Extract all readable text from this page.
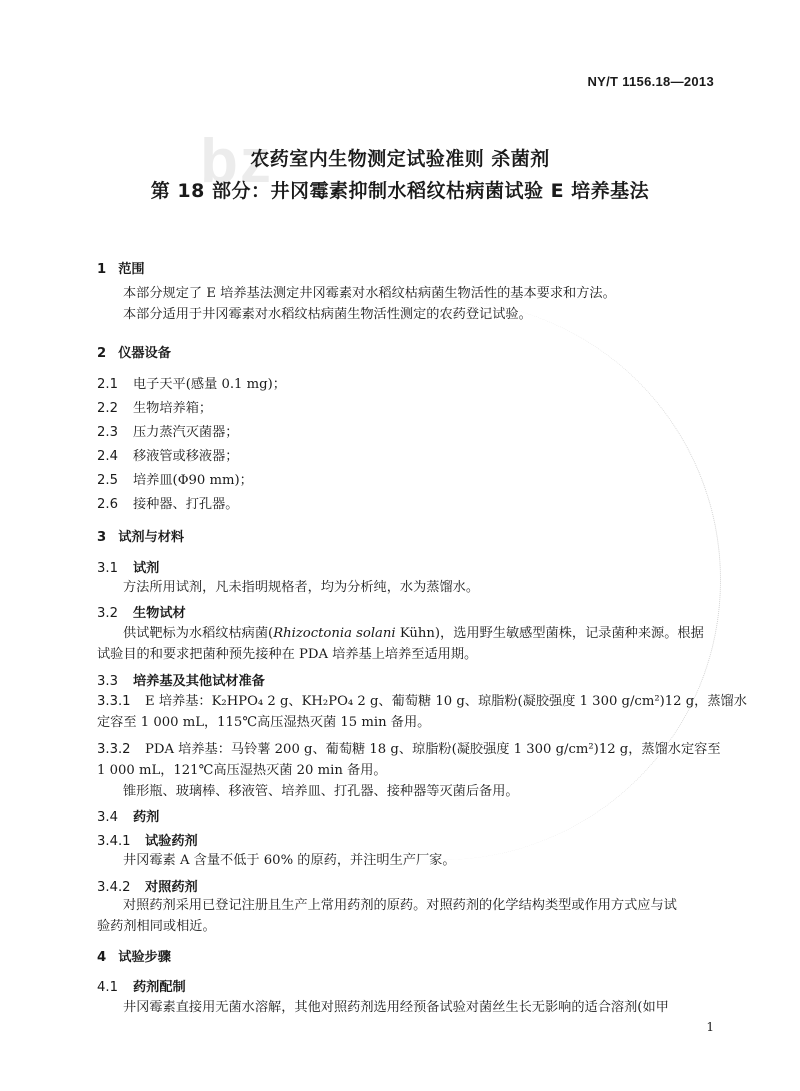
bz
NY/T 1156.18—2013
农药室内生物测定试验准则 杀菌剂
第 18 部分：井冈霉素抑制水稻纹枯病菌试验 E 培养基法
1 范围
本部分规定了 E 培养基法测定井冈霉素对水稻纹枯病菌生物活性的基本要求和方法。
本部分适用于井冈霉素对水稻纹枯病菌生物活性测定的农药登记试验。
2 仪器设备
2.1 电子天平(感量 0.1 mg)；
2.2 生物培养箱；
2.3 压力蒸汽灭菌器；
2.4 移液管或移液器；
2.5 培养皿(Φ90 mm)；
2.6 接种器、打孔器。
3 试剂与材料
3.1 试剂
方法所用试剂，凡未指明规格者，均为分析纯，水为蒸馏水。
3.2 生物试材
供试靶标为水稻纹枯病菌(Rhizoctonia solani Kühn)，选用野生敏感型菌株，记录菌种来源。根据
试验目的和要求把菌种预先接种在 PDA 培养基上培养至适用期。
3.3 培养基及其他试材准备
3.3.1 E 培养基：K₂HPO₄ 2 g、KH₂PO₄ 2 g、葡萄糖 10 g、琼脂粉(凝胶强度 1 300 g/cm²)12 g，蒸馏水
定容至 1 000 mL，115℃高压湿热灭菌 15 min 备用。
3.3.2 PDA 培养基：马铃薯 200 g、葡萄糖 18 g、琼脂粉(凝胶强度 1 300 g/cm²)12 g，蒸馏水定容至
1 000 mL，121℃高压湿热灭菌 20 min 备用。
锥形瓶、玻璃棒、移液管、培养皿、打孔器、接种器等灭菌后备用。
3.4 药剂
3.4.1 试验药剂
井冈霉素 A 含量不低于 60% 的原药，并注明生产厂家。
3.4.2 对照药剂
对照药剂采用已登记注册且生产上常用药剂的原药。对照药剂的化学结构类型或作用方式应与试
验药剂相同或相近。
4 试验步骤
4.1 药剂配制
井冈霉素直接用无菌水溶解，其他对照药剂选用经预备试验对菌丝生长无影响的适合溶剂(如甲
1
